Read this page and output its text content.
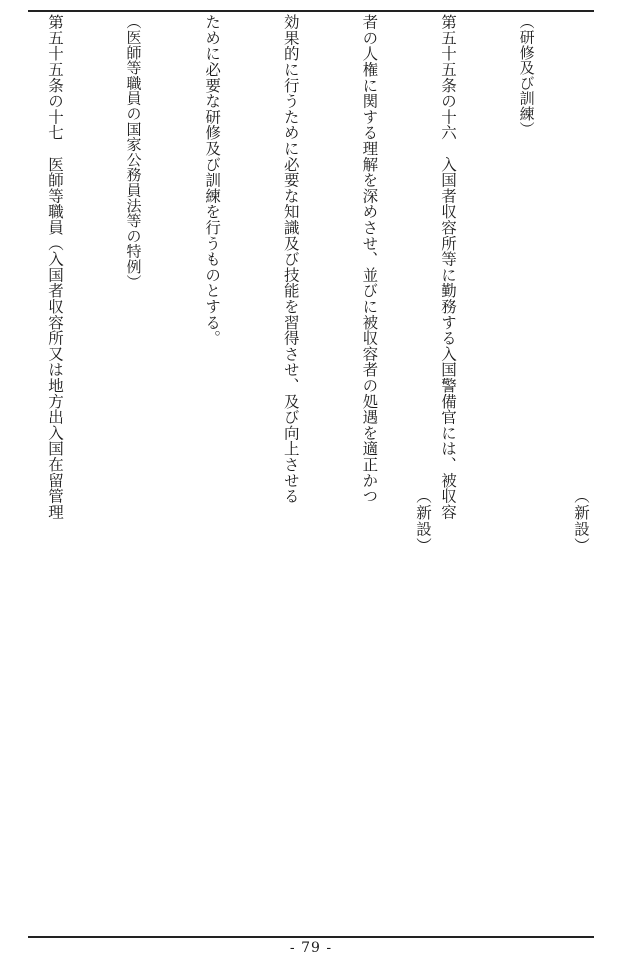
（研修及び訓練）

第五十五条の十六　入国者収容所等に勤務する入国警備官には、被収容

者の人権に関する理解を深めさせ、並びに被収容者の処遇を適正かつ

効果的に行うために必要な知識及び技能を習得させ、及び向上させる

ために必要な研修及び訓練を行うものとする。

（医師等職員の国家公務員法等の特例）

第五十五条の十七　医師等職員（入国者収容所又は地方出入国在留管理

（新設）
（新設）
- 79 -
